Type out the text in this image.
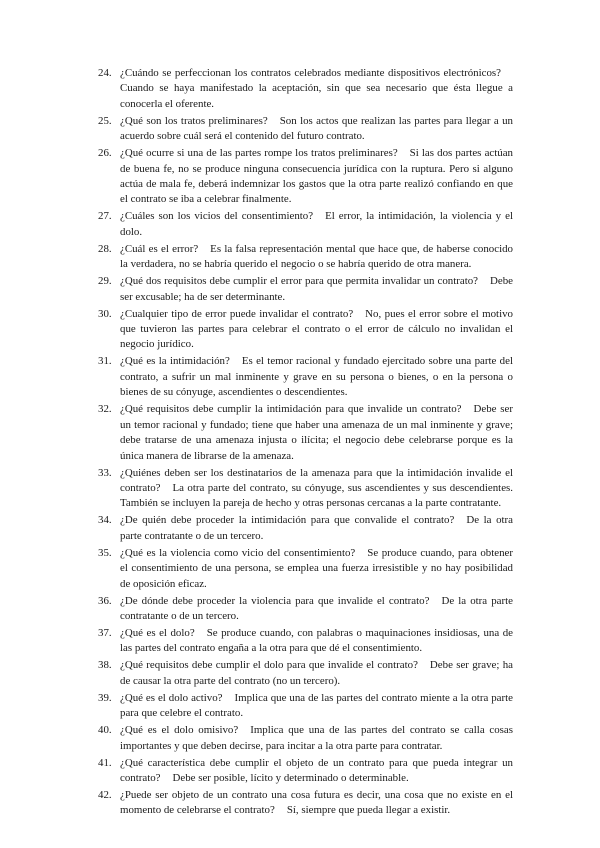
24. ¿Cuándo se perfeccionan los contratos celebrados mediante dispositivos electrónicos?Cuando se haya manifestado la aceptación, sin que sea necesario que ésta llegue a conocerla el oferente.
25. ¿Qué son los tratos preliminares? Son los actos que realizan las partes para llegar a un acuerdo sobre cuál será el contenido del futuro contrato.
26. ¿Qué ocurre si una de las partes rompe los tratos preliminares? Si las dos partes actúan de buena fe, no se produce ninguna consecuencia jurídica con la ruptura. Pero si alguno actúa de mala fe, deberá indemnizar los gastos que la otra parte realizó confiando en que el contrato se iba a celebrar finalmente.
27. ¿Cuáles son los vicios del consentimiento? El error, la intimidación, la violencia y el dolo.
28. ¿Cuál es el error? Es la falsa representación mental que hace que, de haberse conocido la verdadera, no se habría querido el negocio o se habría querido de otra manera.
29. ¿Qué dos requisitos debe cumplir el error para que permita invalidar un contrato? Debe ser excusable; ha de ser determinante.
30. ¿Cualquier tipo de error puede invalidar el contrato? No, pues el error sobre el motivo que tuvieron las partes para celebrar el contrato o el error de cálculo no invalidan el negocio jurídico.
31. ¿Qué es la intimidación? Es el temor racional y fundado ejercitado sobre una parte del contrato, a sufrir un mal inminente y grave en su persona o bienes, o en la persona o bienes de su cónyuge, ascendientes o descendientes.
32. ¿Qué requisitos debe cumplir la intimidación para que invalide un contrato? Debe ser un temor racional y fundado; tiene que haber una amenaza de un mal inminente y grave; debe tratarse de una amenaza injusta o ilícita; el negocio debe celebrarse porque es la única manera de librarse de la amenaza.
33. ¿Quiénes deben ser los destinatarios de la amenaza para que la intimidación invalide el contrato? La otra parte del contrato, su cónyuge, sus ascendientes y sus descendientes. También se incluyen la pareja de hecho y otras personas cercanas a la parte contratante.
34. ¿De quién debe proceder la intimidación para que convalide el contrato? De la otra parte contratante o de un tercero.
35. ¿Qué es la violencia como vicio del consentimiento? Se produce cuando, para obtener el consentimiento de una persona, se emplea una fuerza irresistible y no hay posibilidad de oposición eficaz.
36. ¿De dónde debe proceder la violencia para que invalide el contrato? De la otra parte contratante o de un tercero.
37. ¿Qué es el dolo? Se produce cuando, con palabras o maquinaciones insidiosas, una de las partes del contrato engaña a la otra para que dé el consentimiento.
38. ¿Qué requisitos debe cumplir el dolo para que invalide el contrato? Debe ser grave; ha de causar la otra parte del contrato (no un tercero).
39. ¿Qué es el dolo activo? Implica que una de las partes del contrato miente a la otra parte para que celebre el contrato.
40. ¿Qué es el dolo omisivo? Implica que una de las partes del contrato se calla cosas importantes y que deben decirse, para incitar a la otra parte para contratar.
41. ¿Qué característica debe cumplir el objeto de un contrato para que pueda integrar un contrato? Debe ser posible, lícito y determinado o determinable.
42. ¿Puede ser objeto de un contrato una cosa futura es decir, una cosa que no existe en el momento de celebrarse el contrato? Sí, siempre que pueda llegar a existir.
